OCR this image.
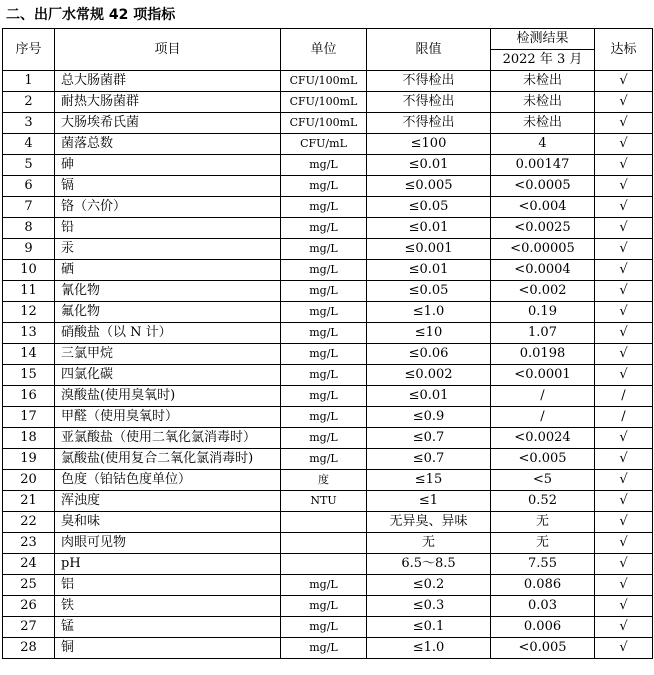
二、出厂水常规 42 项指标
序号	项目	单位	限值	检测结果	达标
				2022 年 3 月	
1	总大肠菌群	CFU/100mL	不得检出	未检出	√
2	耐热大肠菌群	CFU/100mL	不得检出	未检出	√
3	大肠埃希氏菌	CFU/100mL	不得检出	未检出	√
4	菌落总数	CFU/mL	≤100	4	√
5	砷	mg/L	≤0.01	0.00147	√
6	镉	mg/L	≤0.005	<0.0005	√
7	铬（六价）	mg/L	≤0.05	<0.004	√
8	铅	mg/L	≤0.01	<0.0025	√
9	汞	mg/L	≤0.001	<0.00005	√
10	硒	mg/L	≤0.01	<0.0004	√
11	氰化物	mg/L	≤0.05	<0.002	√
12	氟化物	mg/L	≤1.0	0.19	√
13	硝酸盐（以 N 计）	mg/L	≤10	1.07	√
14	三氯甲烷	mg/L	≤0.06	0.0198	√
15	四氯化碳	mg/L	≤0.002	<0.0001	√
16	溴酸盐(使用臭氧时)	mg/L	≤0.01	/	/
17	甲醛（使用臭氧时）	mg/L	≤0.9	/	/
18	亚氯酸盐（使用二氧化氯消毒时）	mg/L	≤0.7	<0.0024	√
19	氯酸盐(使用复合二氧化氯消毒时)	mg/L	≤0.7	<0.005	√
20	色度（铂钴色度单位）	度	≤15	<5	√
21	浑浊度	NTU	≤1	0.52	√
22	臭和味		无异臭、异味	无	√
23	肉眼可见物		无	无	√
24	pH		6.5～8.5	7.55	√
25	铝	mg/L	≤0.2	0.086	√
26	铁	mg/L	≤0.3	0.03	√
27	锰	mg/L	≤0.1	0.006	√
28	铜	mg/L	≤1.0	<0.005	√
